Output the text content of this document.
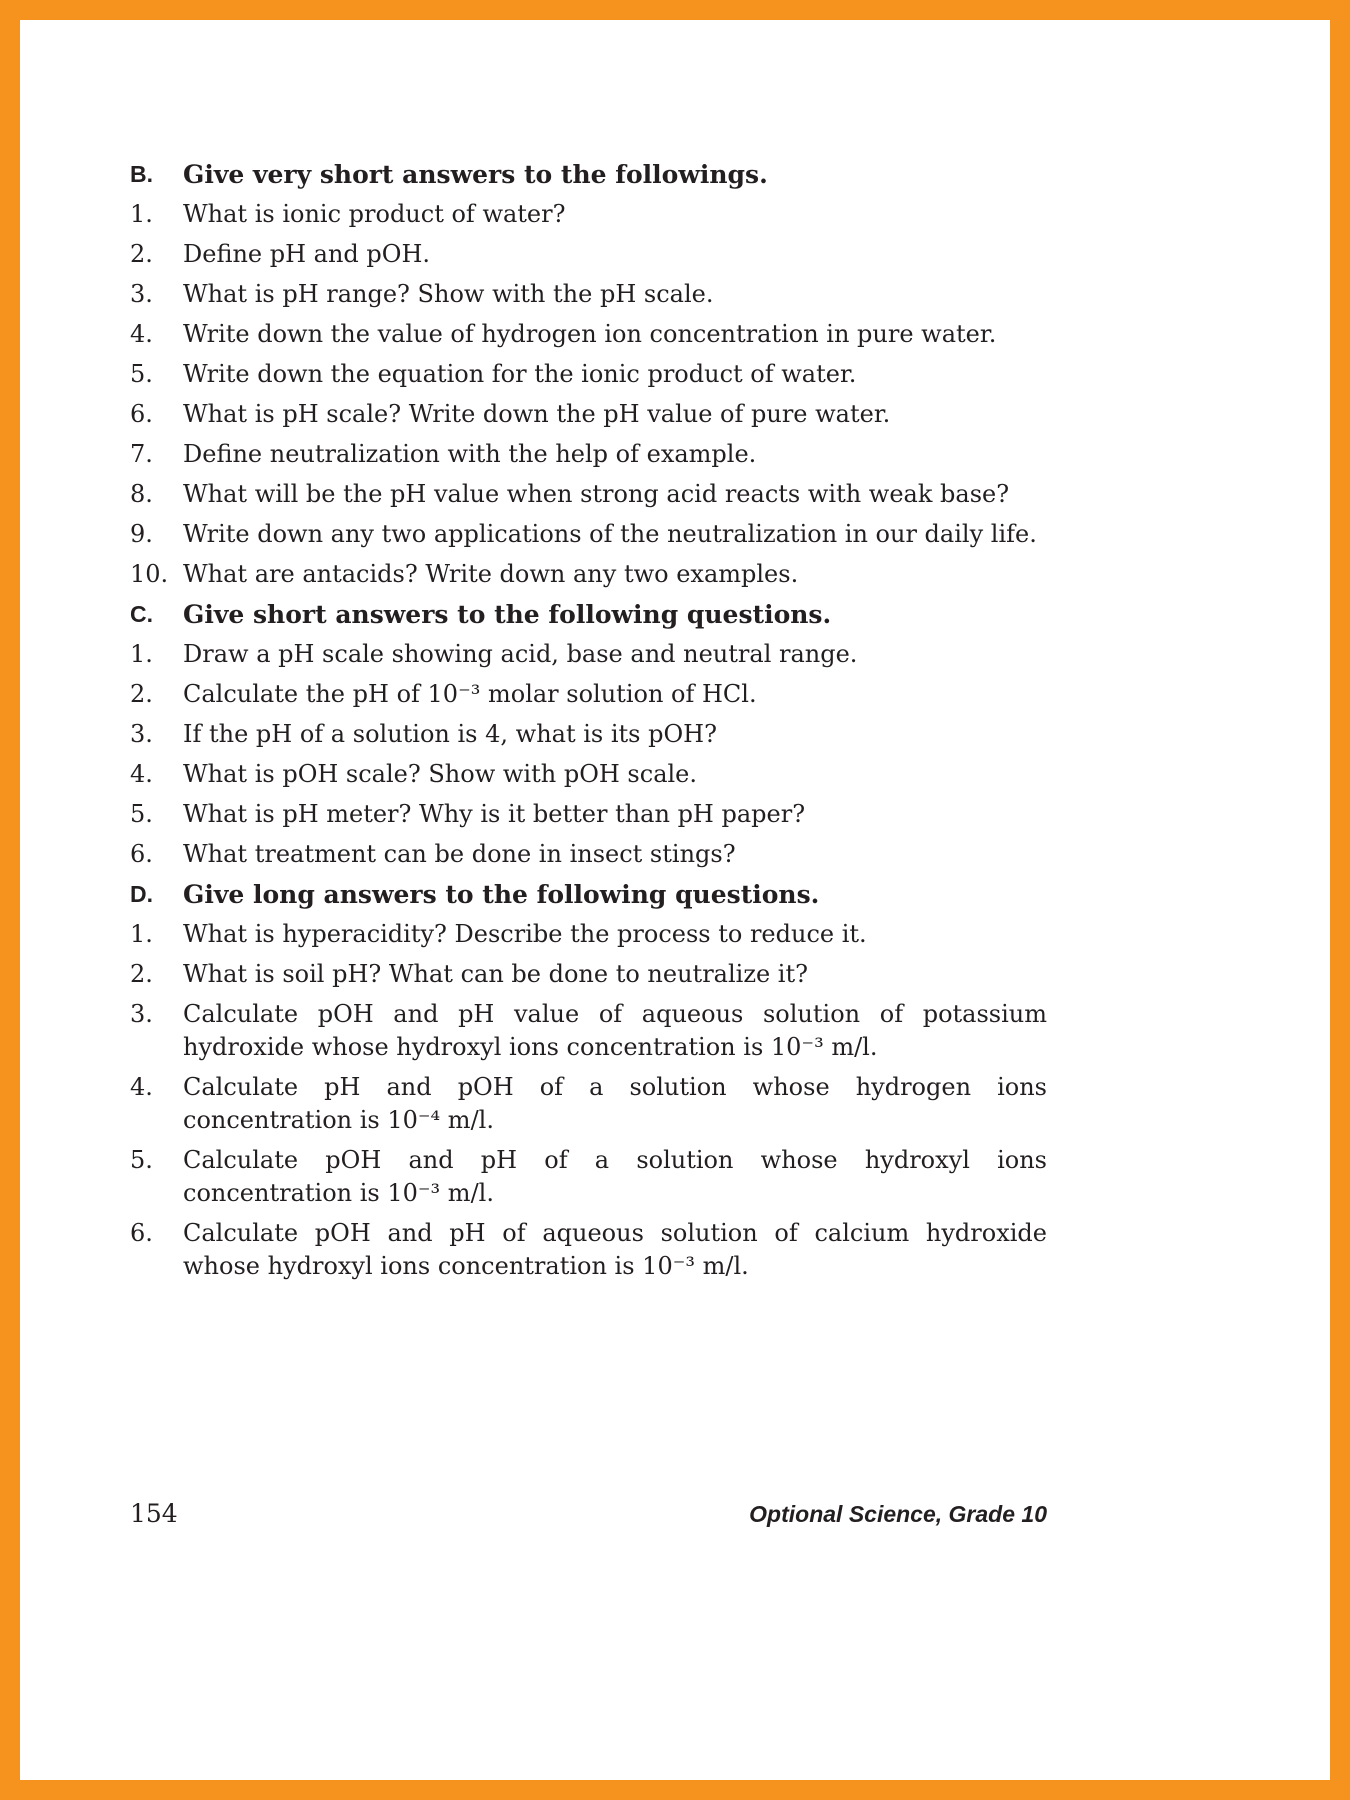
B.	Give very short answers to the followings.
1.	What is ionic product of water?
2.	Define pH and pOH.
3.	What is pH range? Show with the pH scale.
4.	Write down the value of hydrogen ion concentration in pure water.
5.	Write down the equation for the ionic product of water.
6.	What is pH scale? Write down the pH value of pure water.
7.	Define neutralization with the help of example.
8.	What will be the pH value when strong acid reacts with weak base?
9.	Write down any two applications of the neutralization in our daily life.
10. What are antacids? Write down any two examples.
C.	Give short answers to the following questions.
1.	Draw a pH scale showing acid, base and neutral range.
2.	Calculate the pH of 10⁻³ molar solution of HCl.
3.	If the pH of a solution is 4, what is its pOH?
4.	What is pOH scale? Show with pOH scale.
5.	What is pH meter? Why is it better than pH paper?
6.	What treatment can be done in insect stings?
D.	Give long answers to the following questions.
1.	What is hyperacidity? Describe the process to reduce it.
2.	What is soil pH? What can be done to neutralize it?
3.	Calculate pOH and pH value of aqueous solution of potassium hydroxide whose hydroxyl ions concentration is 10⁻³ m/l.
4.	Calculate pH and pOH of a solution whose hydrogen ions concentration is 10⁻⁴ m/l.
5.	Calculate pOH and pH of a solution whose hydroxyl ions concentration is 10⁻³ m/l.
6.	Calculate pOH and pH of aqueous solution of calcium hydroxide whose hydroxyl ions concentration is 10⁻³ m/l.
154	Optional Science, Grade 10
